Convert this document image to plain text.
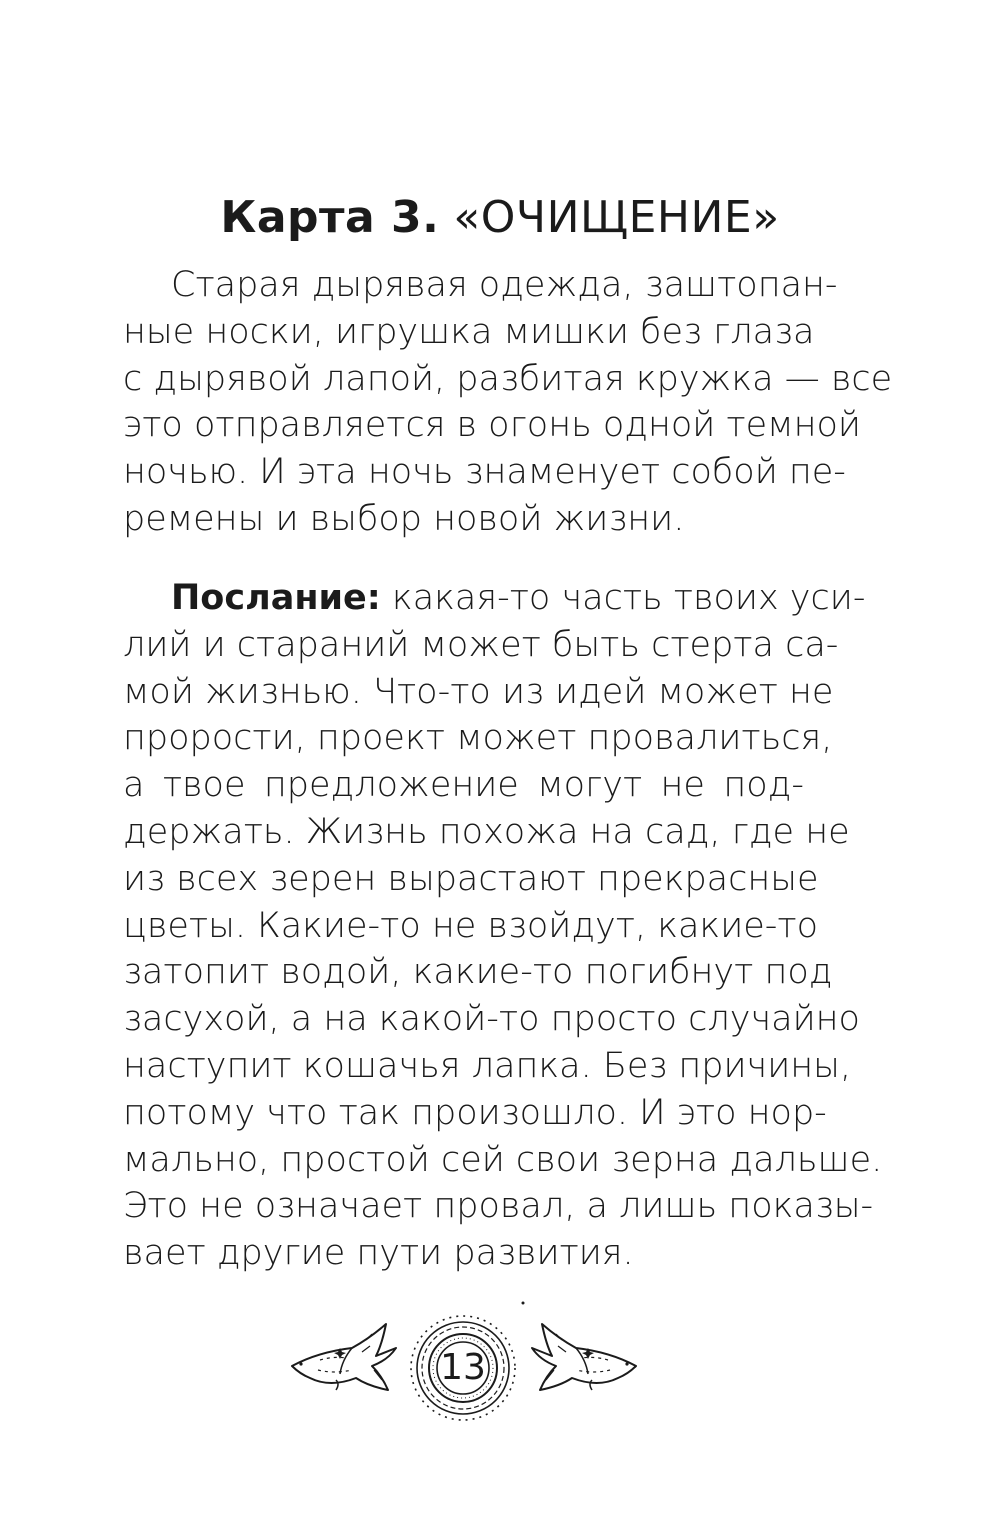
Карта 3. «ОЧИЩЕНИЕ»
Старая дырявая одежда, заштопан-
ные носки, игрушка мишки без глаза
с дырявой лапой, разбитая кружка — все
это отправляется в огонь одной темной
ночью. И эта ночь знаменует собой пе-
ремены и выбор новой жизни.
Послание: какая-то часть твоих уси-
лий и стараний может быть стерта са-
мой жизнью. Что-то из идей может не
прорости, проект может провалиться,
а твое предложение могут не под-
держать. Жизнь похожа на сад, где не
из всех зерен вырастают прекрасные
цветы. Какие-то не взойдут, какие-то
затопит водой, какие-то погибнут под
засухой, а на какой-то просто случайно
наступит кошачья лапка. Без причины,
потому что так произошло. И это нор-
мально, простой сей свои зерна дальше.
Это не означает провал, а лишь показы-
вает другие пути развития.
13
